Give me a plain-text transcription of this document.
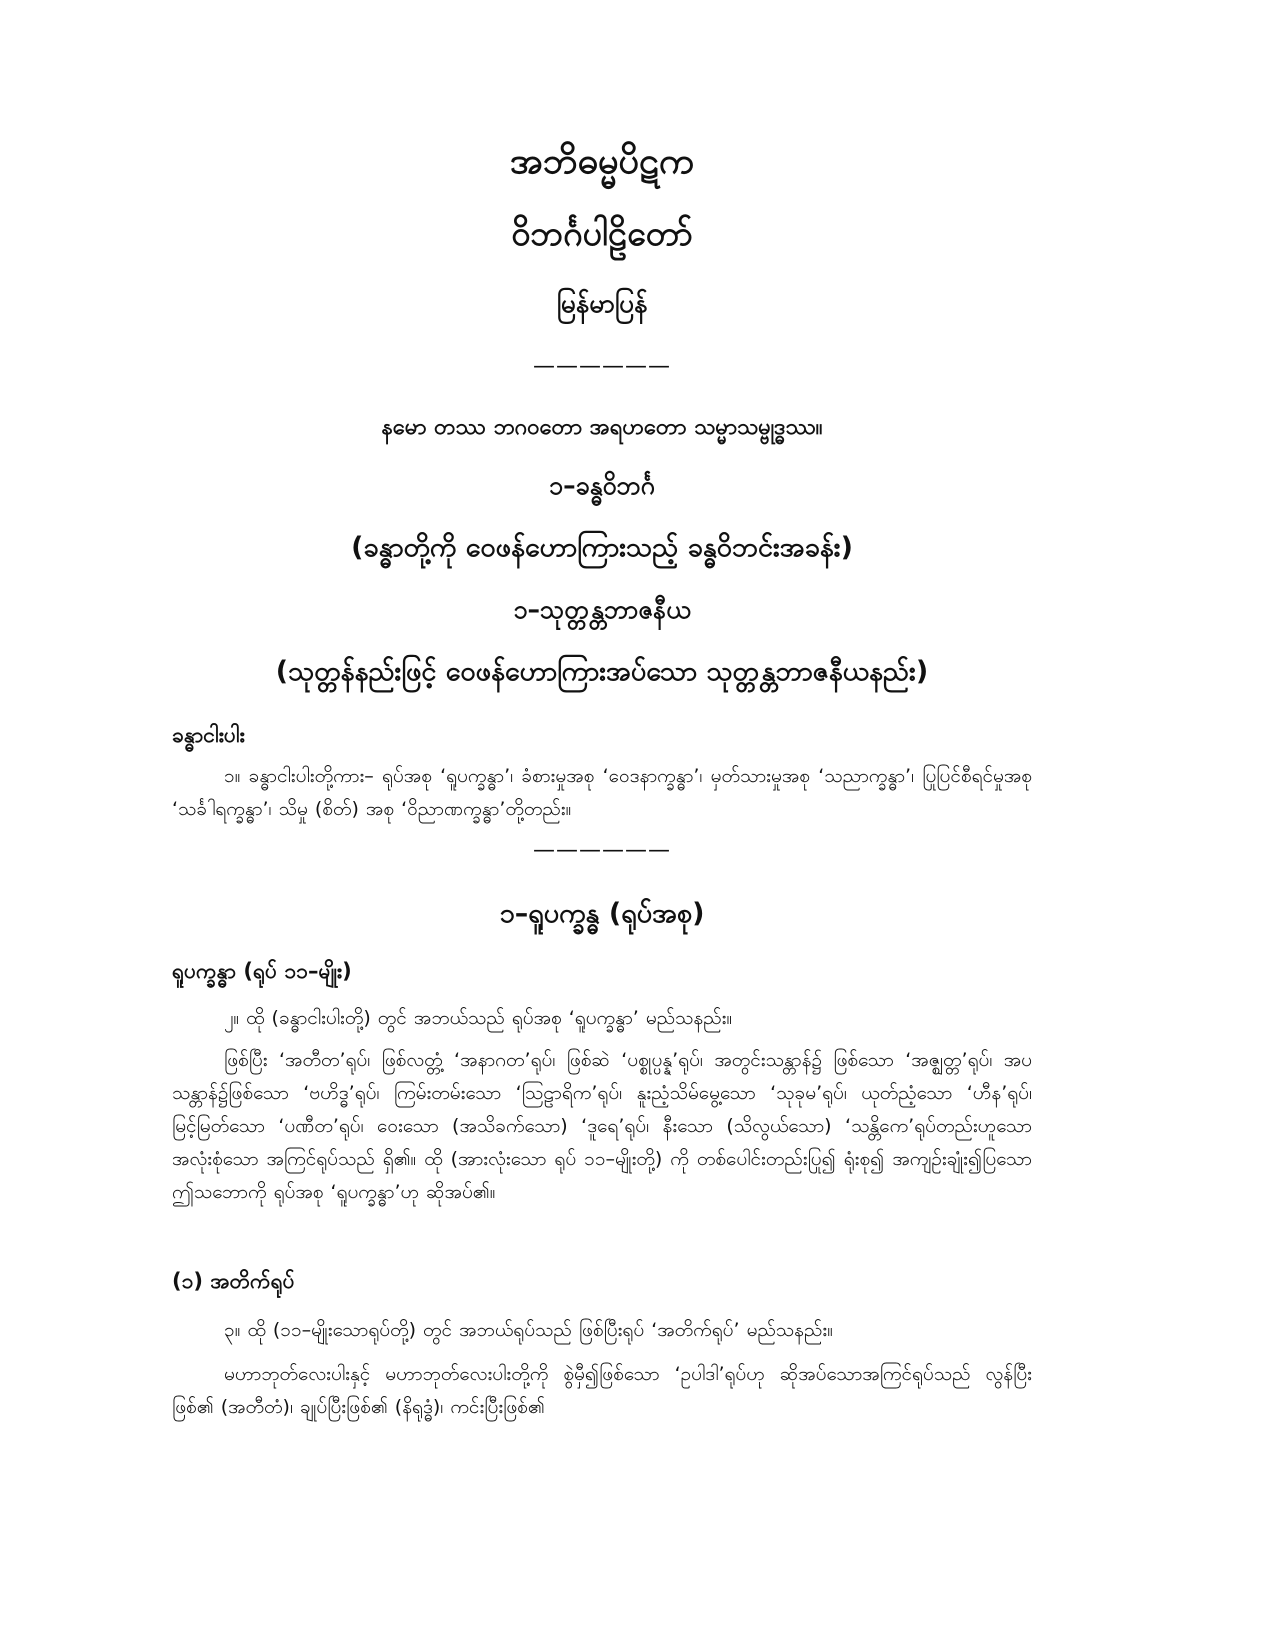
အဘိဓမ္မပိဋက
ဝိဘင်္ဂပါဠိတော်
မြန်မာပြန်
——————
နမော တဿ ဘဂဝတော အရဟတော သမ္မာသမ္ဗုဒ္ဓဿ။
၁–ခန္ဓဝိဘင်္ဂ
(ခန္ဓာတို့ကို ဝေဖန်ဟောကြားသည့် ခန္ဓဝိဘင်းအခန်း)
၁–သုတ္တန္တဘာဇနီယ
(သုတ္တန်နည်းဖြင့် ဝေဖန်ဟောကြားအပ်သော သုတ္တန္တဘာဇနီယနည်း)
ခန္ဓာငါးပါး
၁။ ခန္ဓာငါးပါးတို့ကား– ရုပ်အစု ‘ရူပက္ခန္ဓာ’၊ ခံစားမှုအစု ‘ဝေဒနာက္ခန္ဓာ’၊ မှတ်သားမှုအစု ‘သညာက္ခန္ဓာ’၊ ပြုပြင်စီရင်မှုအစု ‘သင်္ခါရက္ခန္ဓာ’၊ သိမှု (စိတ်) အစု ‘ဝိညာဏက္ခန္ဓာ’တို့တည်း။
——————
၁–ရူပက္ခန္ဓ (ရုပ်အစု)
ရူပက္ခန္ဓာ (ရုပ် ၁၁–မျိုး)
၂။ ထို (ခန္ဓာငါးပါးတို့) တွင် အဘယ်သည် ရုပ်အစု ‘ရူပက္ခန္ဓာ’ မည်သနည်း။
ဖြစ်ပြီး ‘အတီတ’ရုပ်၊ ဖြစ်လတ္တံ့ ‘အနာဂတ’ရုပ်၊ ဖြစ်ဆဲ ‘ပစ္စုပ္ပန္န’ရုပ်၊ အတွင်းသန္တာန်၌ ဖြစ်သော ‘အဇ္ဈတ္တ’ရုပ်၊ အပသန္တာန်၌ဖြစ်သော ‘ဗဟိဒ္ဓ’ရုပ်၊ ကြမ်းတမ်းသော ‘သြဠာရိက’ရုပ်၊ နူးညံ့သိမ်မွေ့သော ‘သုခုမ’ရုပ်၊ ယုတ်ညံ့သော ‘ဟီန’ရုပ်၊ မြင့်မြတ်သော ‘ပဏီတ’ရုပ်၊ ဝေးသော (အသိခက်သော) ‘ဒူရေ’ရုပ်၊ နီးသော (သိလွယ်သော) ‘သန္တိကေ’ရုပ်တည်းဟူသော အလုံးစုံသော အကြင်ရုပ်သည် ရှိ၏။ ထို (အားလုံးသော ရုပ် ၁၁–မျိုးတို့) ကို တစ်ပေါင်းတည်းပြု၍ ရုံးစု၍ အကျဉ်းချုံး၍ပြသော ဤသဘောကို ရုပ်အစု ‘ရူပက္ခန္ဓာ’ဟု ဆိုအပ်၏။
(၁) အတိက်ရုပ်
၃။ ထို (၁၁–မျိုးသောရုပ်တို့) တွင် အဘယ်ရုပ်သည် ဖြစ်ပြီးရုပ် ‘အတိက်ရုပ်’ မည်သနည်း။
မဟာဘုတ်လေးပါးနှင့် မဟာဘုတ်လေးပါးတို့ကို စွဲမှီ၍ဖြစ်သော ‘ဥပါဒါ’ရုပ်ဟု ဆိုအပ်သောအကြင်ရုပ်သည် လွန်ပြီးဖြစ်၏ (အတီတံ)၊ ချုပ်ပြီးဖြစ်၏ (နိရုဒ္ဓံ)၊ ကင်းပြီးဖြစ်၏
